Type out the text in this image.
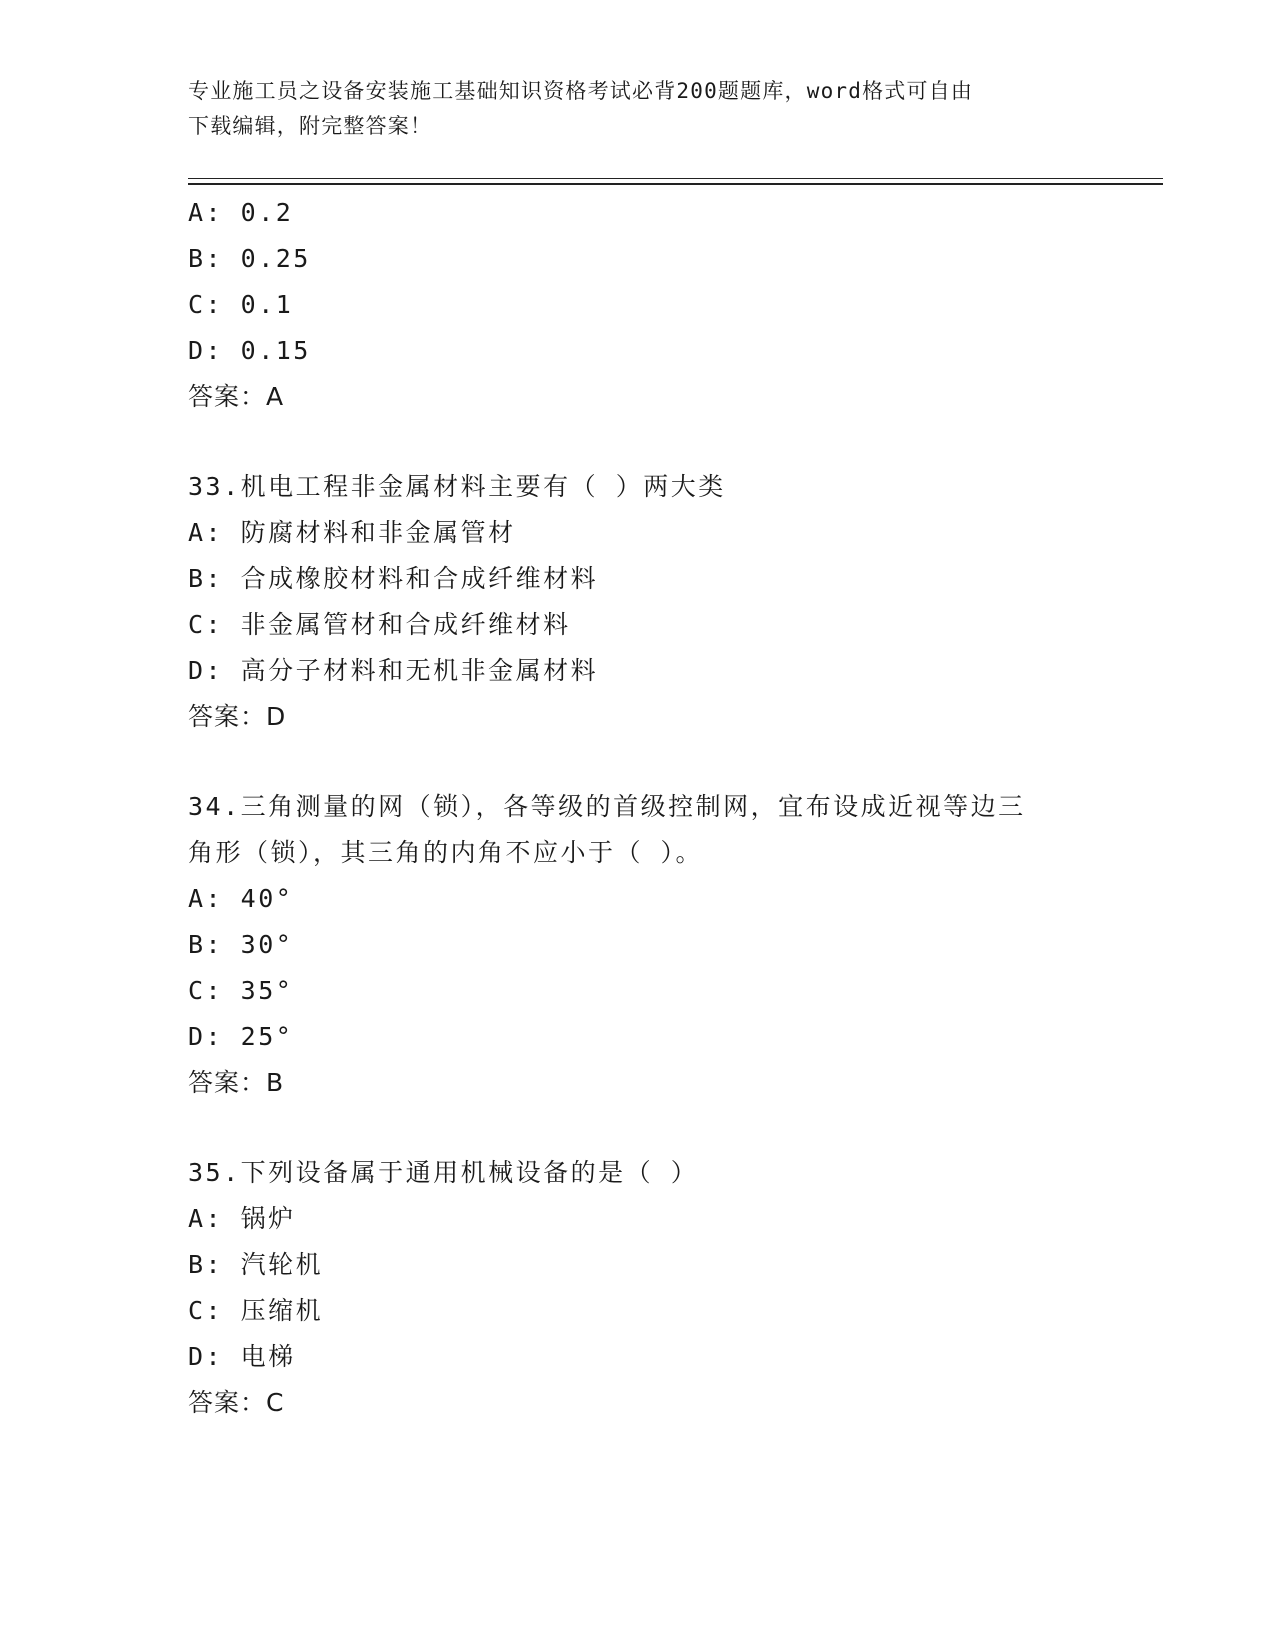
专业施工员之设备安装施工基础知识资格考试必背200题题库，word格式可自由
下载编辑，附完整答案！
A: 0.2
B: 0.25
C: 0.1
D: 0.15
答案：A
33.机电工程非金属材料主要有（ ）两大类
A: 防腐材料和非金属管材
B: 合成橡胶材料和合成纤维材料
C: 非金属管材和合成纤维材料
D: 高分子材料和无机非金属材料
答案：D
34.三角测量的网（锁），各等级的首级控制网，宜布设成近视等边三
角形（锁），其三角的内角不应小于（ ）。
A: 40°
B: 30°
C: 35°
D: 25°
答案：B
35.下列设备属于通用机械设备的是（ ）
A: 锅炉
B: 汽轮机
C: 压缩机
D: 电梯
答案：C
